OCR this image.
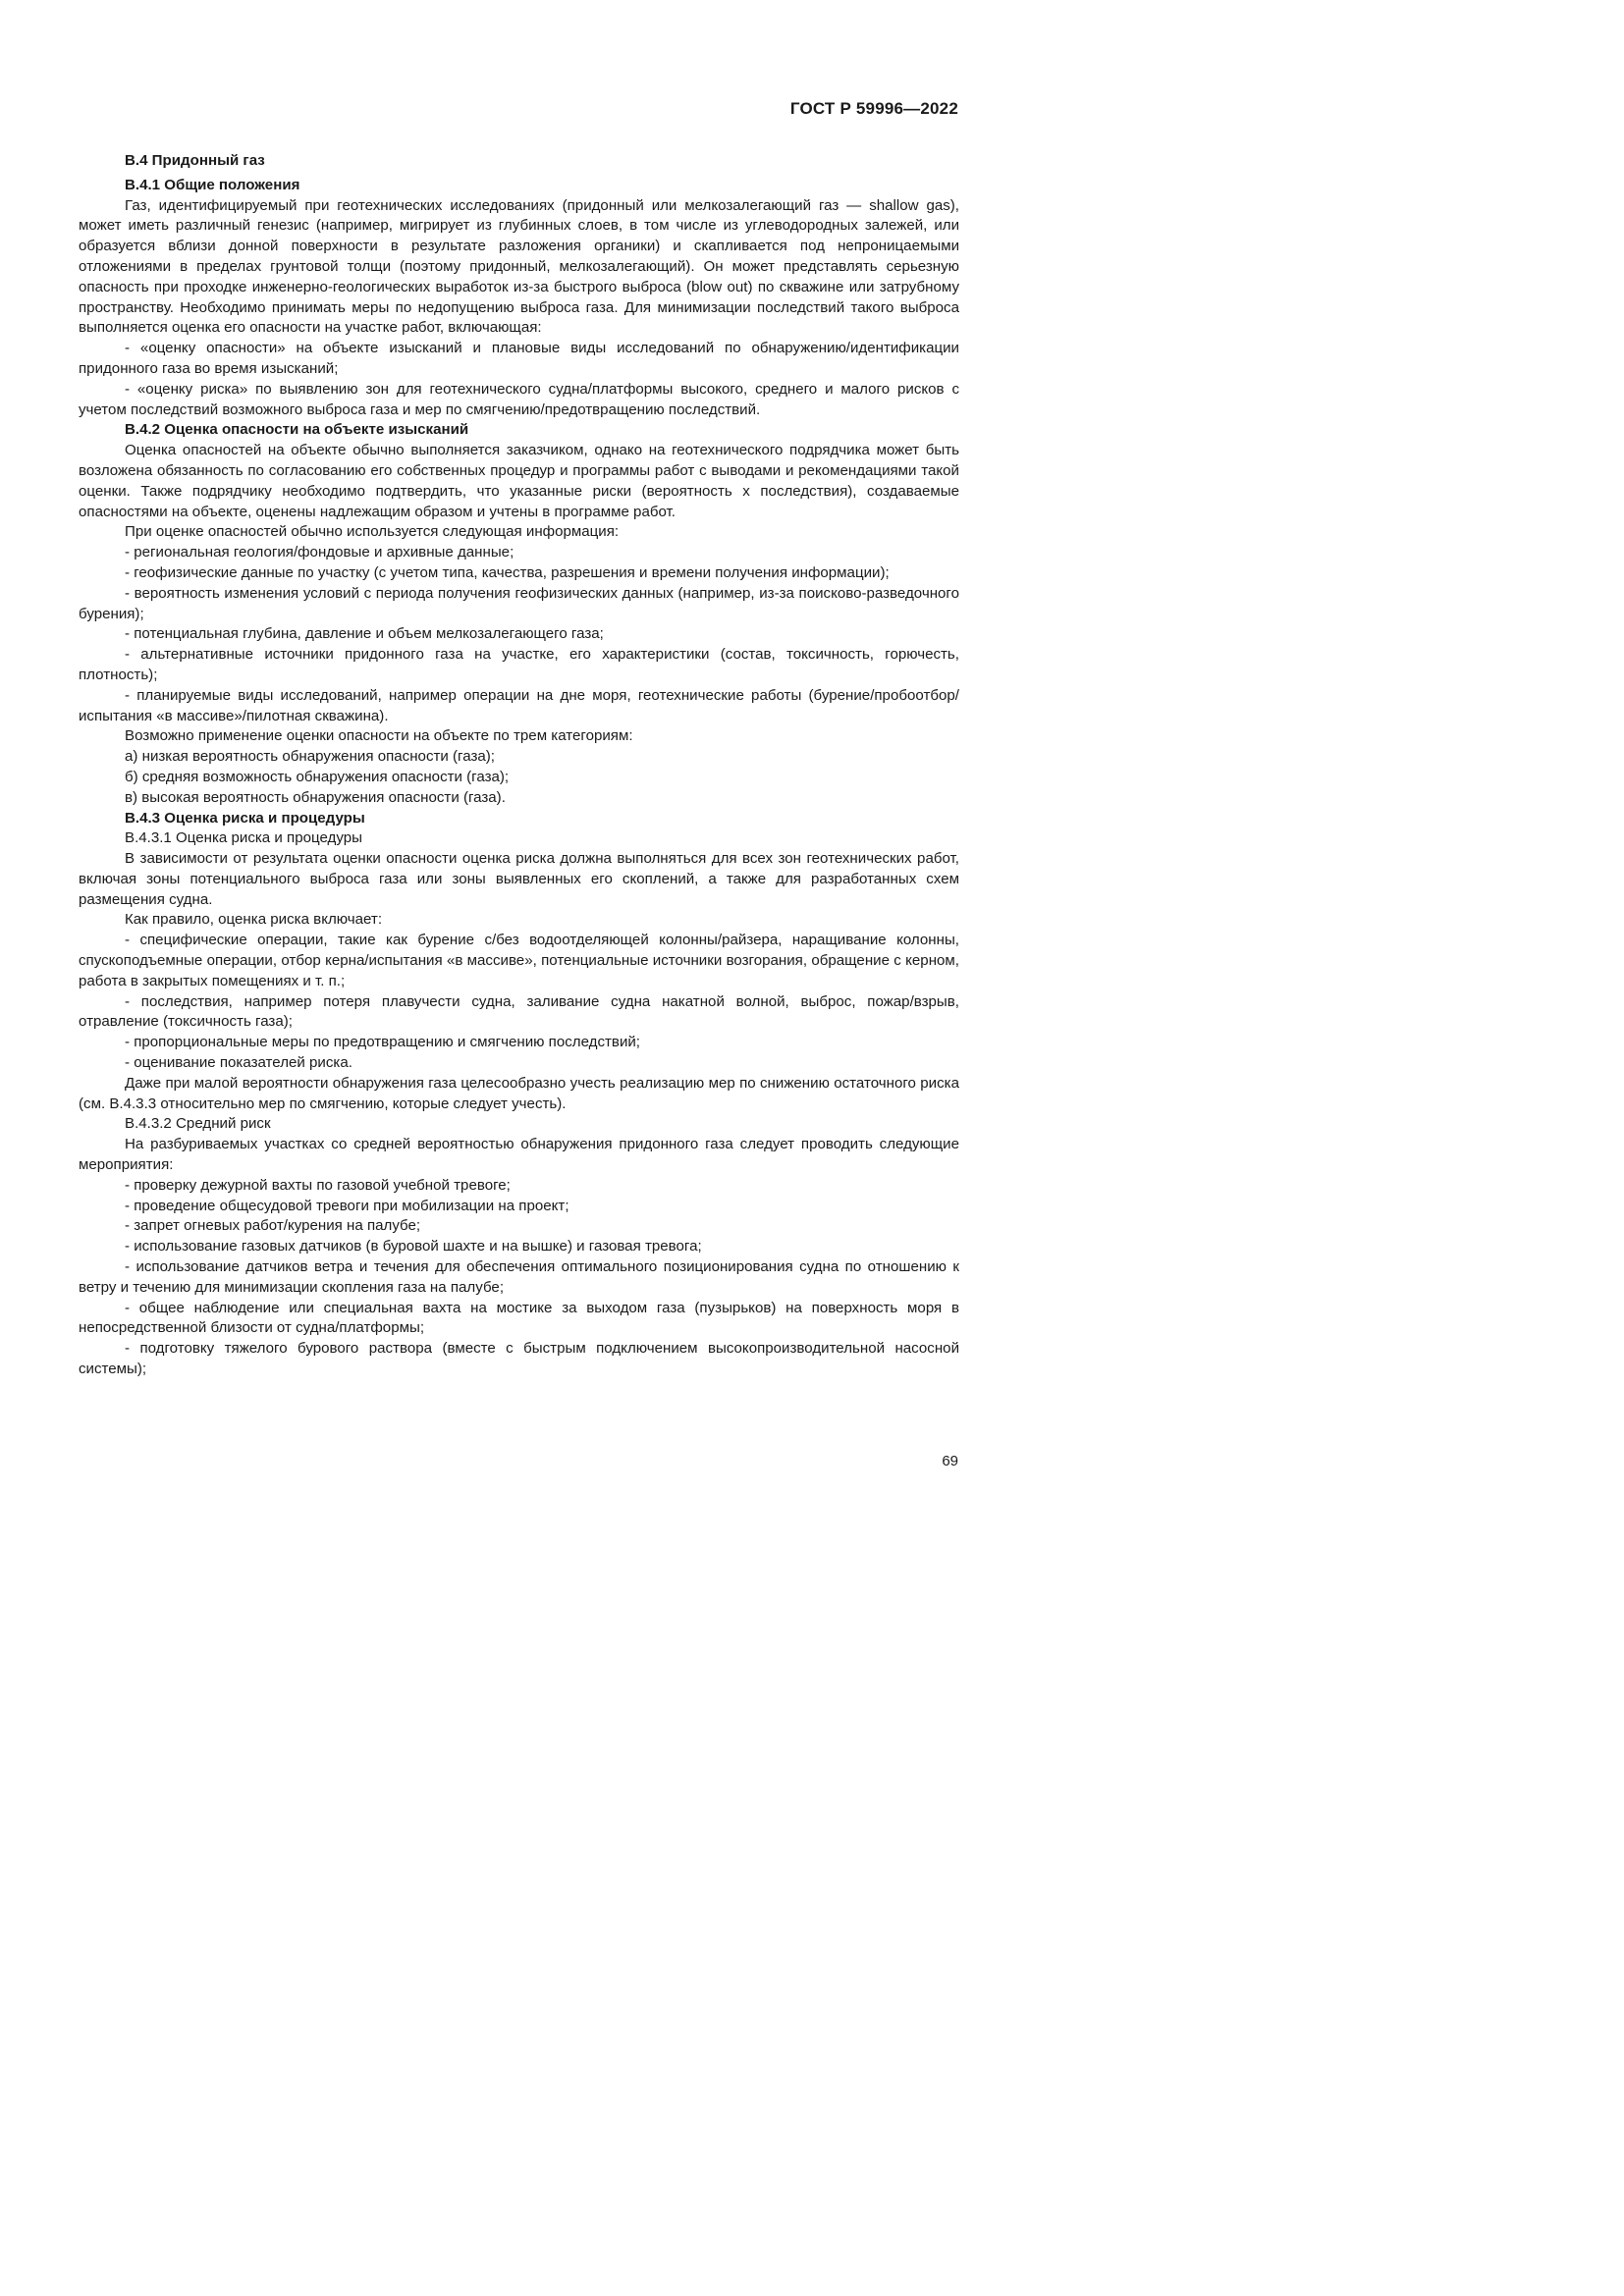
ГОСТ Р 59996—2022

B.4 Придонный газ

B.4.1 Общие положения

Газ, идентифицируемый при геотехнических исследованиях (придонный или мелкозалегающий газ — shallow gas), может иметь различный генезис (например, мигрирует из глубинных слоев, в том числе из углеводородных залежей, или образуется вблизи донной поверхности в результате разложения органики) и скапливается под непроницаемыми отложениями в пределах грунтовой толщи (поэтому придонный, мелкозалегающий). Он может представлять серьезную опасность при проходке инженерно-геологических выработок из-за быстрого выброса (blow out) по скважине или затрубному пространству. Необходимо принимать меры по недопущению выброса газа. Для минимизации последствий такого выброса выполняется оценка его опасности на участке работ, включающая:

- «оценку опасности» на объекте изысканий и плановые виды исследований по обнаружению/идентификации придонного газа во время изысканий;

- «оценку риска» по выявлению зон для геотехнического судна/платформы высокого, среднего и малого рисков с учетом последствий возможного выброса газа и мер по смягчению/предотвращению последствий.

B.4.2 Оценка опасности на объекте изысканий

Оценка опасностей на объекте обычно выполняется заказчиком, однако на геотехнического подрядчика может быть возложена обязанность по согласованию его собственных процедур и программы работ с выводами и рекомендациями такой оценки. Также подрядчику необходимо подтвердить, что указанные риски (вероятность х последствия), создаваемые опасностями на объекте, оценены надлежащим образом и учтены в программе работ.

При оценке опасностей обычно используется следующая информация:

- региональная геология/фондовые и архивные данные;

- геофизические данные по участку (с учетом типа, качества, разрешения и времени получения информации);

- вероятность изменения условий с периода получения геофизических данных (например, из-за поисково-разведочного бурения);

- потенциальная глубина, давление и объем мелкозалегающего газа;

- альтернативные источники придонного газа на участке, его характеристики (состав, токсичность, горючесть, плотность);

- планируемые виды исследований, например операции на дне моря, геотехнические работы (бурение/пробоотбор/испытания «в массиве»/пилотная скважина).

Возможно применение оценки опасности на объекте по трем категориям:

а) низкая вероятность обнаружения опасности (газа);

б) средняя возможность обнаружения опасности (газа);

в) высокая вероятность обнаружения опасности (газа).

B.4.3 Оценка риска и процедуры

B.4.3.1 Оценка риска и процедуры

В зависимости от результата оценки опасности оценка риска должна выполняться для всех зон геотехнических работ, включая зоны потенциального выброса газа или зоны выявленных его скоплений, а также для разработанных схем размещения судна.

Как правило, оценка риска включает:

- специфические операции, такие как бурение с/без водоотделяющей колонны/райзера, наращивание колонны, спускоподъемные операции, отбор керна/испытания «в массиве», потенциальные источники возгорания, обращение с керном, работа в закрытых помещениях и т. п.;

- последствия, например потеря плавучести судна, заливание судна накатной волной, выброс, пожар/взрыв, отравление (токсичность газа);

- пропорциональные меры по предотвращению и смягчению последствий;

- оценивание показателей риска.

Даже при малой вероятности обнаружения газа целесообразно учесть реализацию мер по снижению остаточного риска (см. B.4.3.3 относительно мер по смягчению, которые следует учесть).

B.4.3.2 Средний риск

На разбуриваемых участках со средней вероятностью обнаружения придонного газа следует проводить следующие мероприятия:

- проверку дежурной вахты по газовой учебной тревоге;

- проведение общесудовой тревоги при мобилизации на проект;

- запрет огневых работ/курения на палубе;

- использование газовых датчиков (в буровой шахте и на вышке) и газовая тревога;

- использование датчиков ветра и течения для обеспечения оптимального позиционирования судна по отношению к ветру и течению для минимизации скопления газа на палубе;

- общее наблюдение или специальная вахта на мостике за выходом газа (пузырьков) на поверхность моря в непосредственной близости от судна/платформы;

- подготовку тяжелого бурового раствора (вместе с быстрым подключением высокопроизводительной насосной системы);

69
